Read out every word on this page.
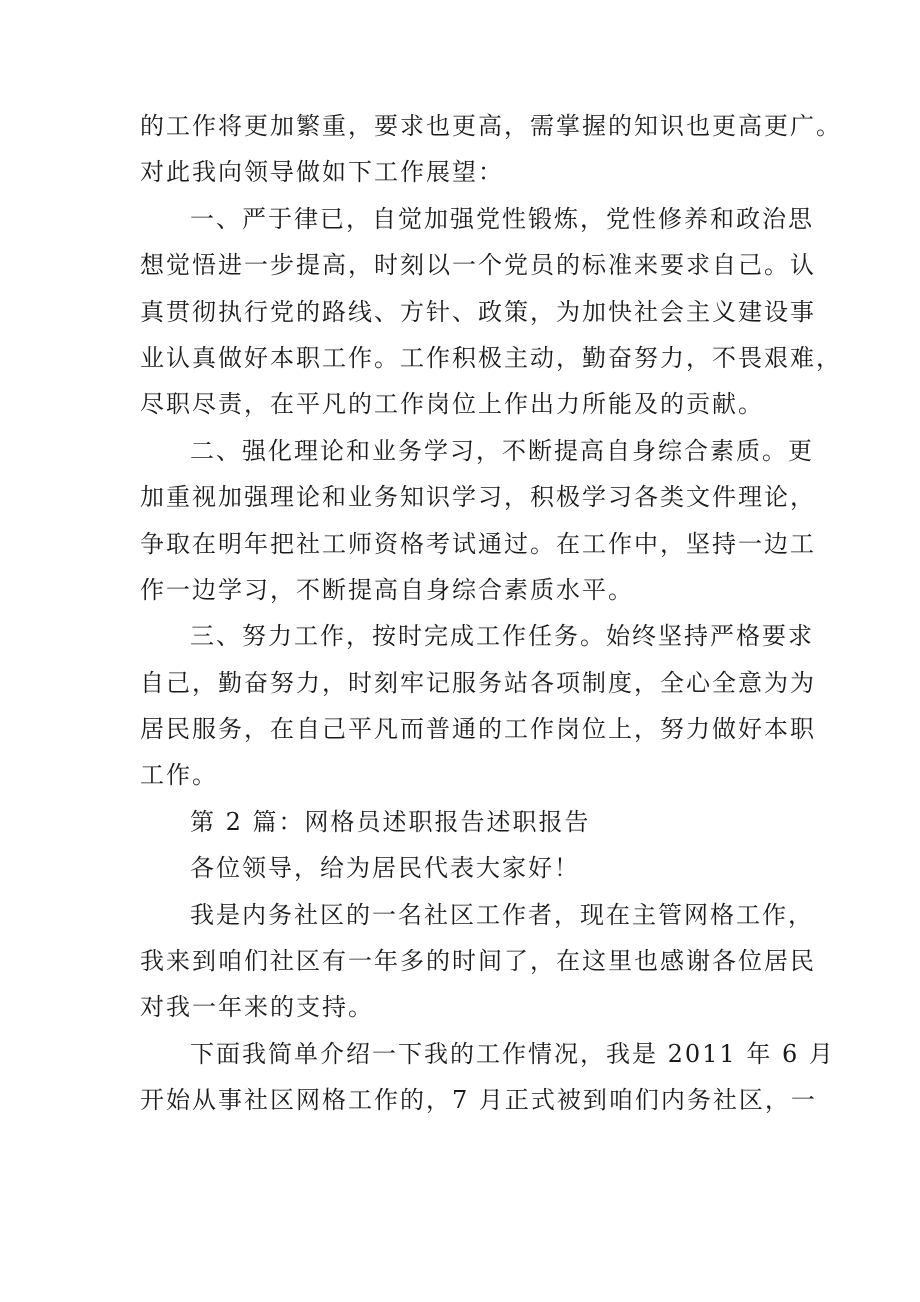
的工作将更加繁重，要求也更高，需掌握的知识也更高更广。
对此我向领导做如下工作展望：
一、严于律已，自觉加强党性锻炼，党性修养和政治思
想觉悟进一步提高，时刻以一个党员的标准来要求自己。认
真贯彻执行党的路线、方针、政策，为加快社会主义建设事
业认真做好本职工作。工作积极主动，勤奋努力，不畏艰难，
尽职尽责，在平凡的工作岗位上作出力所能及的贡献。
二、强化理论和业务学习，不断提高自身综合素质。更
加重视加强理论和业务知识学习，积极学习各类文件理论，
争取在明年把社工师资格考试通过。在工作中，坚持一边工
作一边学习，不断提高自身综合素质水平。
三、努力工作，按时完成工作任务。始终坚持严格要求
自己，勤奋努力，时刻牢记服务站各项制度，全心全意为为
居民服务，在自己平凡而普通的工作岗位上，努力做好本职
工作。
第 2 篇：网格员述职报告述职报告
各位领导，给为居民代表大家好！
我是内务社区的一名社区工作者，现在主管网格工作，
我来到咱们社区有一年多的时间了，在这里也感谢各位居民
对我一年来的支持。
下面我简单介绍一下我的工作情况，我是 2011 年 6 月
开始从事社区网格工作的，7 月正式被到咱们内务社区，一
